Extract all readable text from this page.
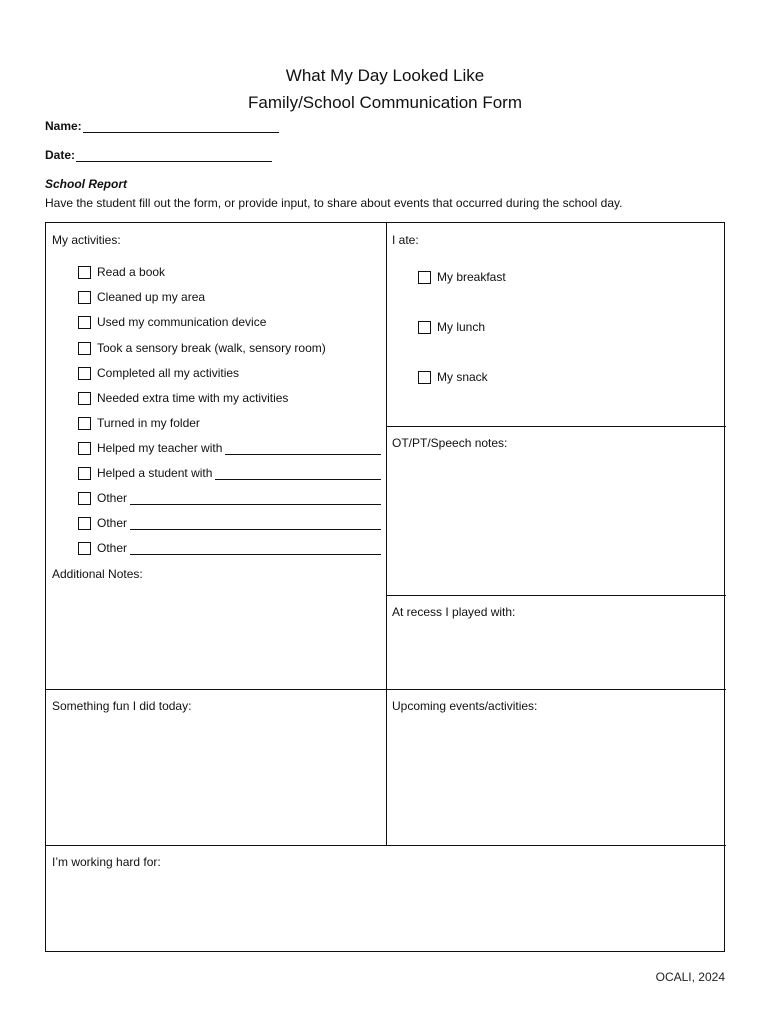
What My Day Looked Like
Family/School Communication Form
Name:
Date:
School Report
Have the student fill out the form, or provide input, to share about events that occurred during the school day.
My activities:
Read a book
Cleaned up my area
Used my communication device
Took a sensory break (walk, sensory room)
Completed all my activities
Needed extra time with my activities
Turned in my folder
Helped my teacher with
Helped a student with
Other
Other
Other
Additional Notes:
I ate:
My breakfast
My lunch
My snack
OT/PT/Speech notes:
At recess I played with:
Something fun I did today:	Upcoming events/activities:
I’m working hard for:
OCALI, 2024
